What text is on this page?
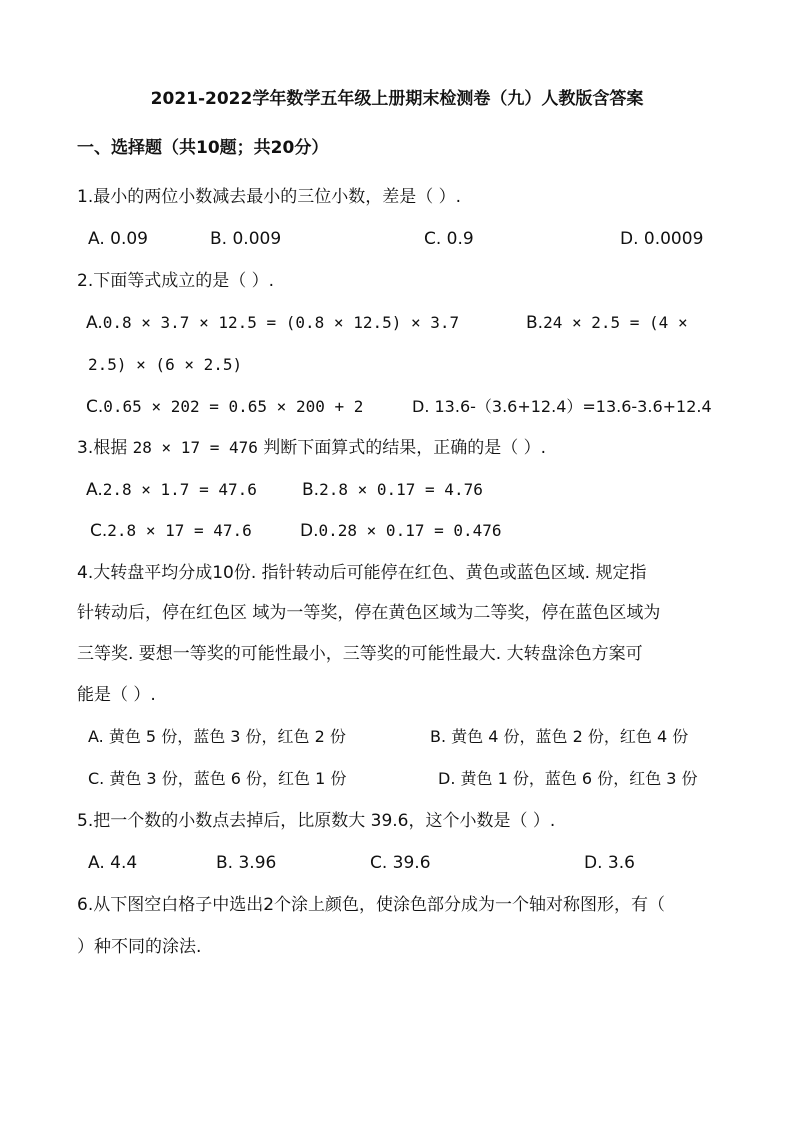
2021-2022学年数学五年级上册期末检测卷（九）人教版含答案
一、选择题（共10题；共20分）
1.最小的两位小数减去最小的三位小数，差是（ ）.
A. 0.09	B. 0.009	C. 0.9	D. 0.0009
2.下面等式成立的是（ ）.
A.0.8 × 3.7 × 12.5 = (0.8 × 12.5) × 3.7	B.24 × 2.5 = (4 ×
2.5) × (6 × 2.5)
C.0.65 × 202 = 0.65 × 200 + 2	D. 13.6-（3.6+12.4）=13.6-3.6+12.4
3.根据 28 × 17 = 476 判断下面算式的结果，正确的是（ ）.
A.2.8 × 1.7 = 47.6	B.2.8 × 0.17 = 4.76
C.2.8 × 17 = 47.6	D.0.28 × 0.17 = 0.476
4.大转盘平均分成10份. 指针转动后可能停在红色、黄色或蓝色区域. 规定指
针转动后，停在红色区 域为一等奖，停在黄色区域为二等奖，停在蓝色区域为
三等奖. 要想一等奖的可能性最小，三等奖的可能性最大. 大转盘涂色方案可
能是（ ）.
A. 黄色 5 份，蓝色 3 份，红色 2 份	B. 黄色 4 份，蓝色 2 份，红色 4 份
C. 黄色 3 份，蓝色 6 份，红色 1 份	D. 黄色 1 份，蓝色 6 份，红色 3 份
5.把一个数的小数点去掉后，比原数大 39.6，这个小数是（ ）.
A. 4.4	B. 3.96	C. 39.6	D. 3.6
6.从下图空白格子中选出2个涂上颜色，使涂色部分成为一个轴对称图形，有（
）种不同的涂法.
